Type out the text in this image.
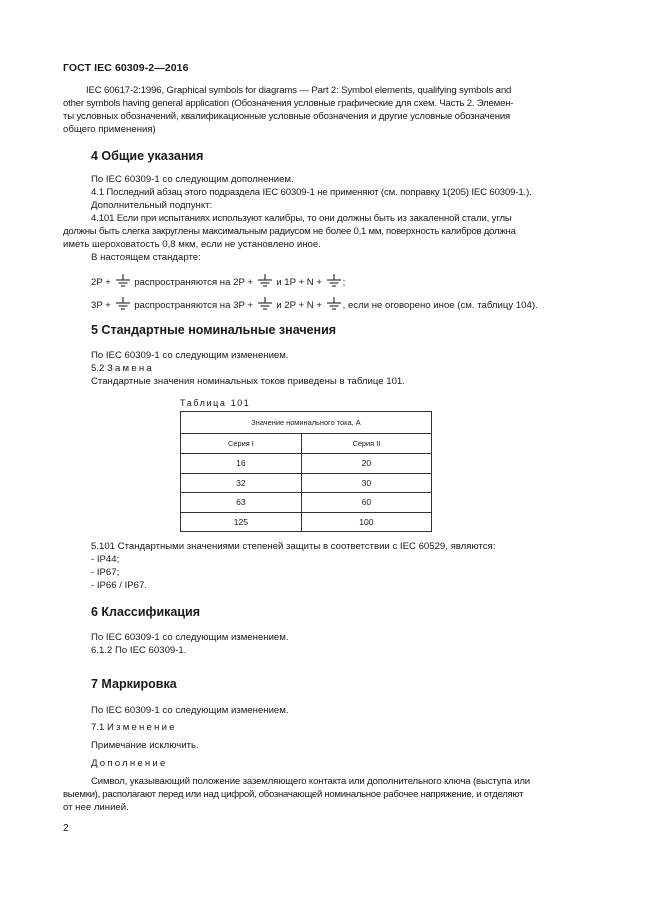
ГОСТ IEC 60309-2—2016
IEC 60617-2:1996, Graphical symbols for diagrams — Part 2: Symbol elements, qualifying symbols and
other symbols having general application (Обозначения условные графические для схем. Часть 2. Элемен-
ты условных обозначений, квалификационные условные обозначения и другие условные обозначения
общего применения)
4 Общие указания
По IEC 60309-1 со следующим дополнением.
4.1 Последний абзац этого подраздела IEC 60309-1 не применяют (см. поправку 1(205) IEC 60309-1.).
Дополнительный подпункт:
4.101 Если при испытаниях используют калибры, то они должны быть из закаленной стали, углы
должны быть слегка закруглены максимальным радиусом не более 0,1 мм, поверхность калибров должна
иметь шероховатость 0,8 мкм, если не установлено иное.
В настоящем стандарте:
2P + распространяются на 2P + и 1P + N + ;
3P + распространяются на 3P + и 2P + N + , если не оговорено иное (см. таблицу 104).
5 Стандартные номинальные значения
По IEC 60309-1 со следующим изменением.
5.2 Замена
Стандартные значения номинальных токов приведены в таблице 101.
Таблица 101
Значение номинального тока, А	
Серия I	Серия II
16	20
32	30
63	60
125	100
5.101 Стандартными значениями степеней защиты в соответствии с IEC 60529, являются:
- IP44;
- IP67;
- IP66 / IP67.
6 Классификация
По IEC 60309-1 со следующим изменением.
6.1.2 По IEC 60309-1.
7 Маркировка
По IEC 60309-1 со следующим изменением.
7.1 Изменение
Примечание исключить.
Дополнение
Символ, указывающий положение заземляющего контакта или дополнительного ключа (выступа или
выемки), располагают перед или над цифрой, обозначающей номинальное рабочее напряжение, и отделяют
от нее линией.
2
